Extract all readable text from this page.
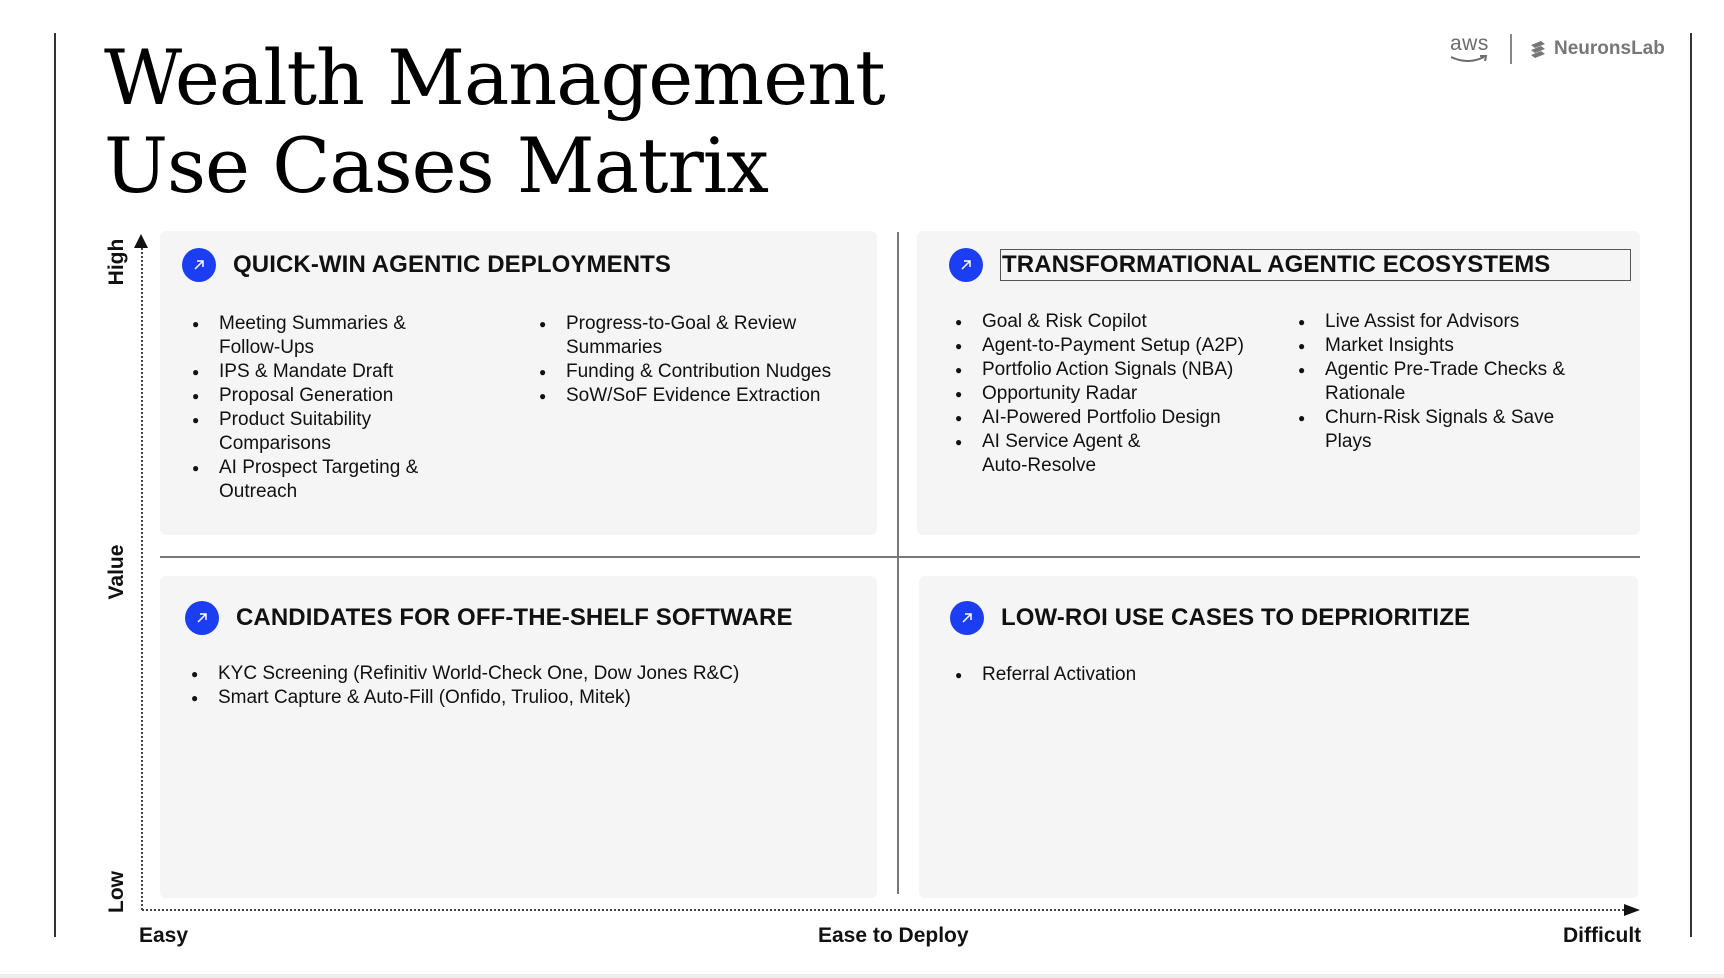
Wealth Management
Use Cases Matrix
aws	NeuronsLab
High
Value
Low
Easy	Ease to Deploy	Difficult
QUICK-WIN AGENTIC DEPLOYMENTS
● Meeting Summaries & Follow-Ups
● IPS & Mandate Draft
● Proposal Generation
● Product Suitability Comparisons
● AI Prospect Targeting & Outreach
● Progress-to-Goal & Review Summaries
● Funding & Contribution Nudges
● SoW/SoF Evidence Extraction
TRANSFORMATIONAL AGENTIC ECOSYSTEMS
● Goal & Risk Copilot
● Agent-to-Payment Setup (A2P)
● Portfolio Action Signals (NBA)
● Opportunity Radar
● AI-Powered Portfolio Design
● AI Service Agent & Auto-Resolve
● Live Assist for Advisors
● Market Insights
● Agentic Pre-Trade Checks & Rationale
● Churn-Risk Signals & Save Plays
CANDIDATES FOR OFF-THE-SHELF SOFTWARE
● KYC Screening (Refinitiv World-Check One, Dow Jones R&C)
● Smart Capture & Auto-Fill (Onfido, Trulioo, Mitek)
LOW-ROI USE CASES TO DEPRIORITIZE
● Referral Activation
